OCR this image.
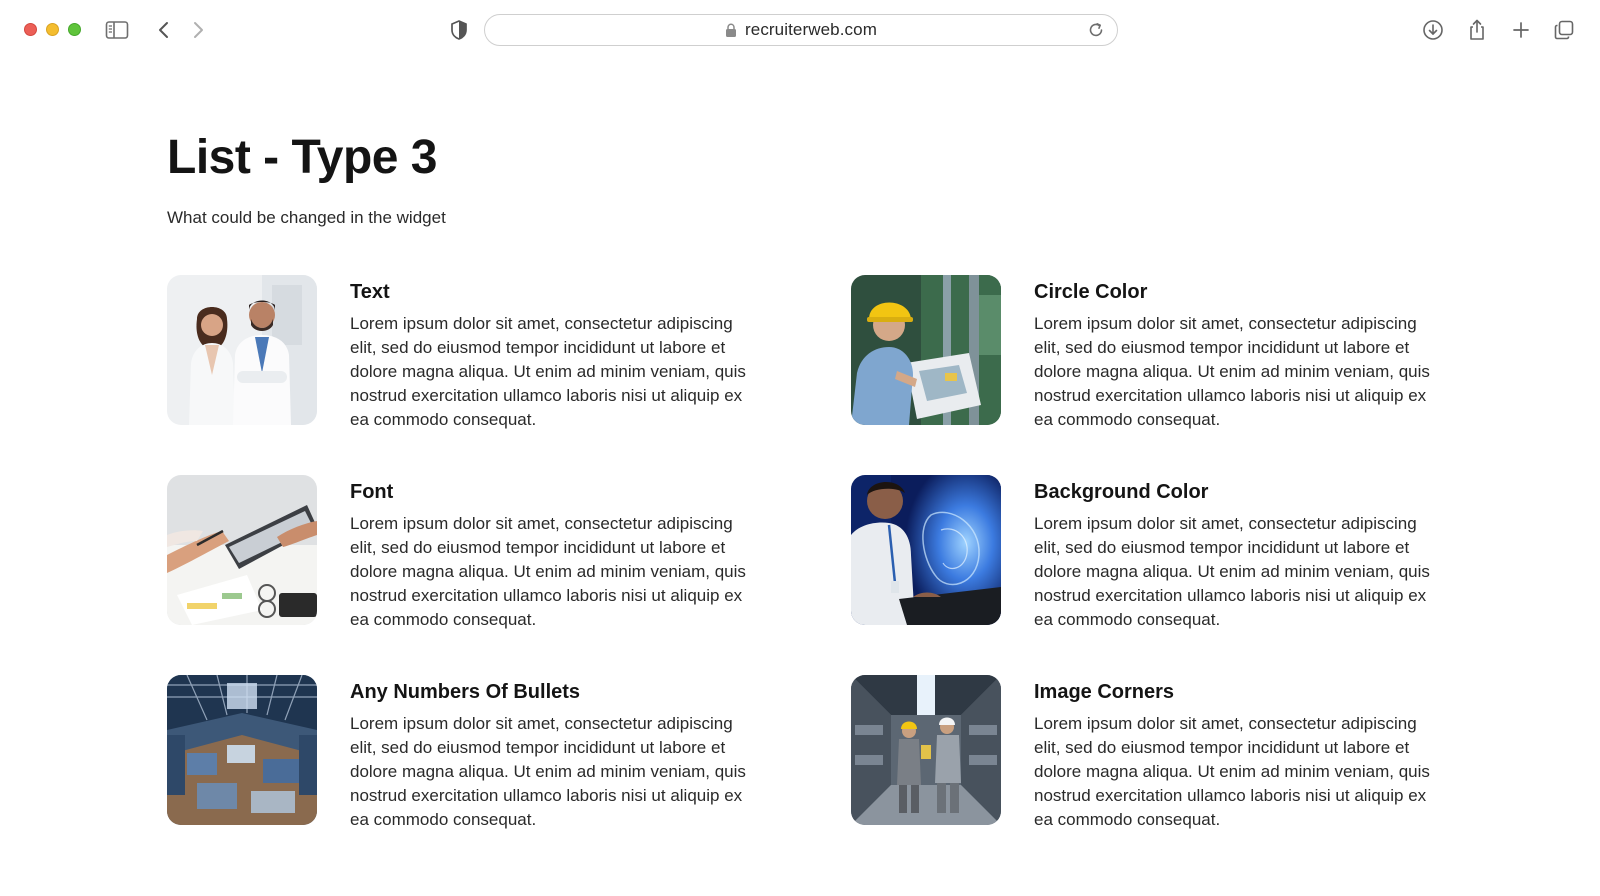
recruiterweb.com
List - Type 3

What could be changed in the widget

Text
Lorem ipsum dolor sit amet, consectetur adipiscing elit, sed do eiusmod tempor incididunt ut labore et dolore magna aliqua. Ut enim ad minim veniam, quis nostrud exercitation ullamco laboris nisi ut aliquip ex ea commodo consequat.
Circle Color
Lorem ipsum dolor sit amet, consectetur adipiscing elit, sed do eiusmod tempor incididunt ut labore et dolore magna aliqua. Ut enim ad minim veniam, quis nostrud exercitation ullamco laboris nisi ut aliquip ex ea commodo consequat.
Font
Lorem ipsum dolor sit amet, consectetur adipiscing elit, sed do eiusmod tempor incididunt ut labore et dolore magna aliqua. Ut enim ad minim veniam, quis nostrud exercitation ullamco laboris nisi ut aliquip ex ea commodo consequat.
Background Color
Lorem ipsum dolor sit amet, consectetur adipiscing elit, sed do eiusmod tempor incididunt ut labore et dolore magna aliqua. Ut enim ad minim veniam, quis nostrud exercitation ullamco laboris nisi ut aliquip ex ea commodo consequat.
Any Numbers Of Bullets
Lorem ipsum dolor sit amet, consectetur adipiscing elit, sed do eiusmod tempor incididunt ut labore et dolore magna aliqua. Ut enim ad minim veniam, quis nostrud exercitation ullamco laboris nisi ut aliquip ex ea commodo consequat.
Image Corners
Lorem ipsum dolor sit amet, consectetur adipiscing elit, sed do eiusmod tempor incididunt ut labore et dolore magna aliqua. Ut enim ad minim veniam, quis nostrud exercitation ullamco laboris nisi ut aliquip ex ea commodo consequat.
